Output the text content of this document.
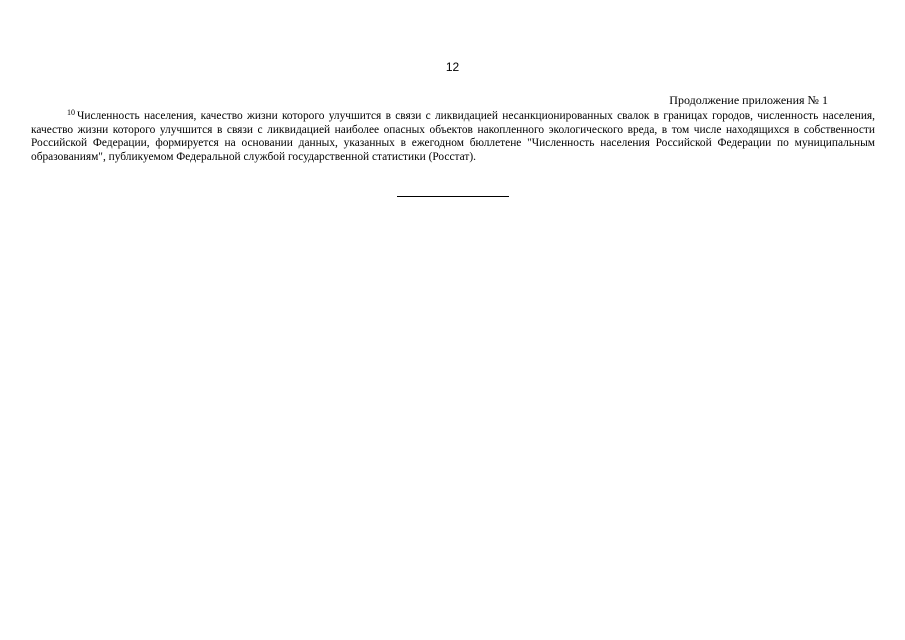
12
Продолжение приложения № 1

$^{10}$ Численность населения, качество жизни которого улучшится в связи с ликвидацией несанкционированных свалок в границах городов, численность населения, качество жизни которого улучшится в связи с ликвидацией наиболее опасных объектов накопленного экологического вреда, в том числе находящихся в собственности Российской Федерации, формируется на основании данных, указанных в ежегодном бюллетене "Численность населения Российской Федерации по муниципальным образованиям", публикуемом Федеральной службой государственной статистики (Росстат).
